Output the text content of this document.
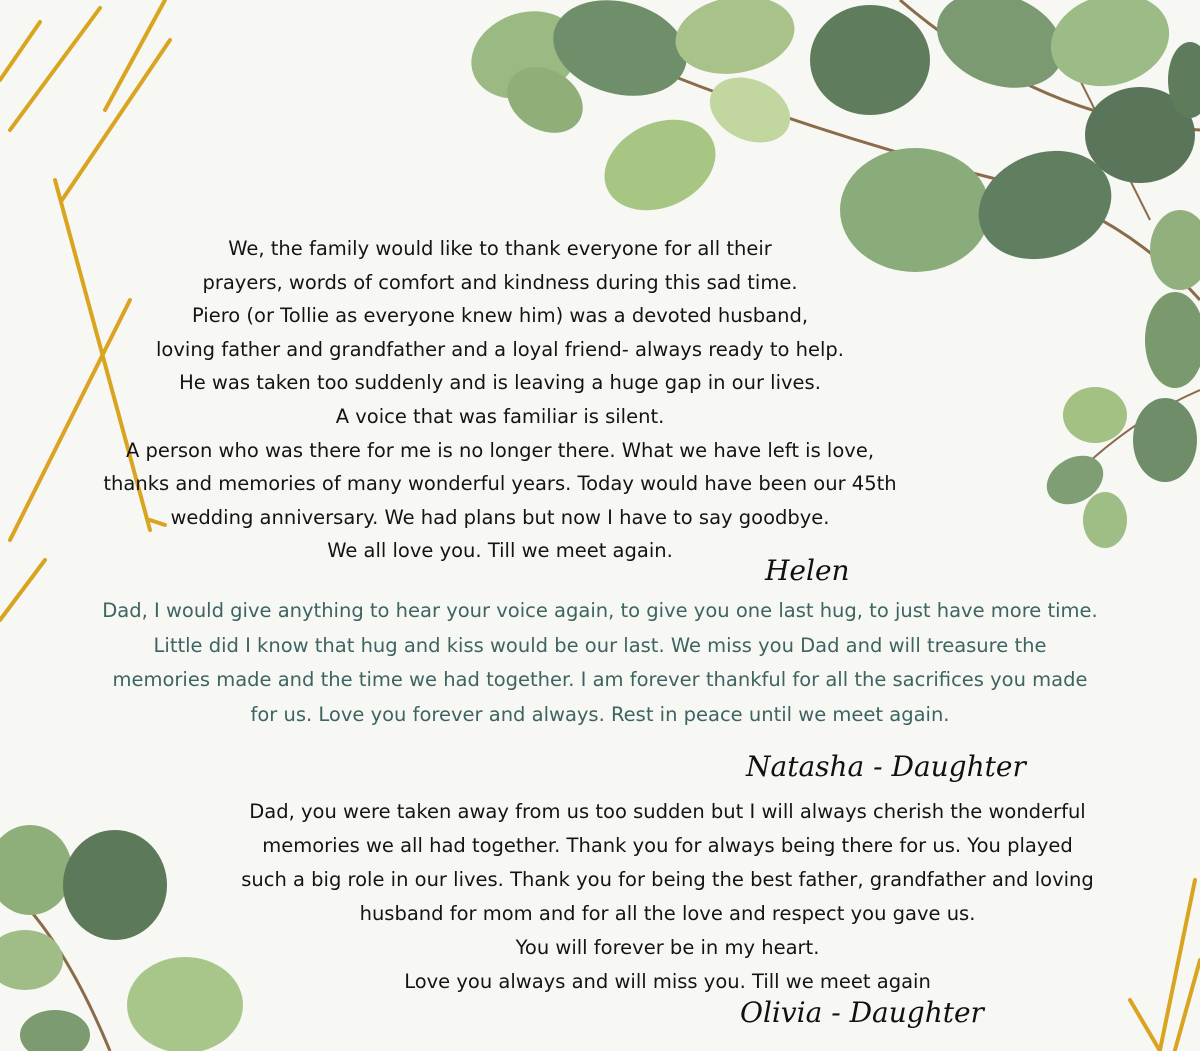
We, the family would like to thank everyone for all their
prayers, words of comfort and kindness during this sad time.
Piero (or Tollie as everyone knew him) was a devoted husband,
loving father and grandfather and a loyal friend- always ready to help.
He was taken too suddenly and is leaving a huge gap in our lives.
A voice that was familiar is silent.
A person who was there for me is no longer there. What we have left is love,
thanks and memories of many wonderful years. Today would have been our 45th
wedding anniversary. We had plans but now I have to say goodbye.
We all love you. Till we meet again.
Helen
Dad, I would give anything to hear your voice again, to give you one last hug, to just have more time.
Little did I know that hug and kiss would be our last. We miss you Dad and will treasure the
memories made and the time we had together. I am forever thankful for all the sacrifices you made
for us. Love you forever and always. Rest in peace until we meet again.
Natasha - Daughter
Dad, you were taken away from us too sudden but I will always cherish the wonderful
memories we all had together. Thank you for always being there for us. You played
such a big role in our lives. Thank you for being the best father, grandfather and loving
husband for mom and for all the love and respect you gave us.
You will forever be in my heart.
Love you always and will miss you. Till we meet again
Olivia - Daughter
